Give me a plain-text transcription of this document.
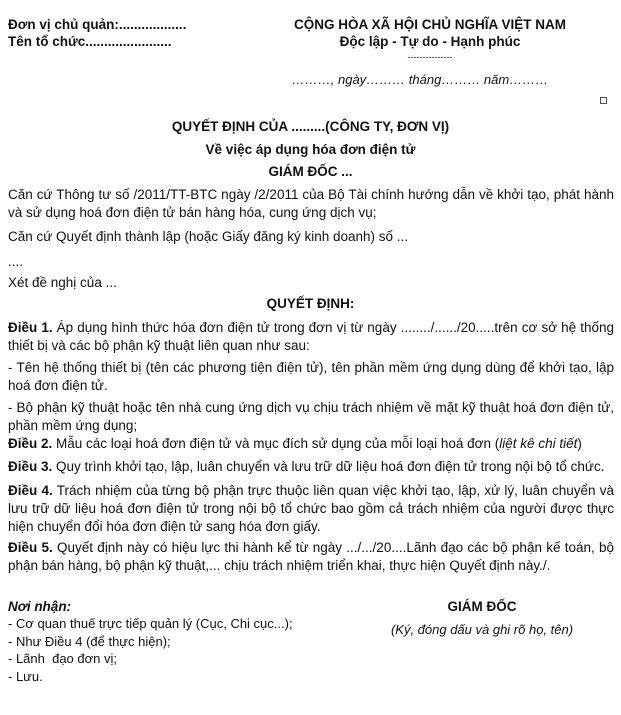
Đơn vị chủ quản:..................
Tên tổ chức.......................
CỘNG HÒA XÃ HỘI CHỦ NGHĨA VIỆT NAM
Độc lập - Tự do - Hạnh phúc
---------------
………, ngày……… tháng……… năm………
QUYẾT ĐỊNH CỦA .........(CÔNG TY, ĐƠN VỊ)
Về việc áp dụng hóa đơn điện tử
GIÁM ĐỐC ...
Căn cứ Thông tư số /2011/TT-BTC ngày /2/2011 của Bộ Tài chính hướng dẫn về khởi tạo, phát hành và sử dụng hoá đơn điện tử bán hàng hóa, cung ứng dịch vụ;
Căn cứ Quyết định thành lập (hoặc Giấy đăng ký kinh doanh) số ...
....
Xét đề nghị của ...
QUYẾT ĐỊNH:
Điều 1. Áp dụng hình thức hóa đơn điện tử trong đơn vị từ ngày ......../....../20.....trên cơ sở hệ thống thiết bị và các bộ phận kỹ thuật liên quan như sau:
- Tên hệ thống thiết bị (tên các phương tiện điện tử), tên phần mềm ứng dụng dùng để khởi tạo, lập hoá đơn điện tử.
- Bộ phận kỹ thuật hoặc tên nhà cung ứng dịch vụ chịu trách nhiệm về mặt kỹ thuật hoá đơn điện tử, phần mềm ứng dụng;
Điều 2. Mẫu các loại hoá đơn điện tử và mục đích sử dụng của mỗi loại hoá đơn (liệt kê chi tiết)
Điều 3. Quy trình khởi tạo, lập, luân chuyển và lưu trữ dữ liệu hoá đơn điện tử trong nội bộ tổ chức.
Điều 4. Trách nhiệm của từng bộ phận trực thuộc liên quan việc khởi tạo, lập, xử lý, luân chuyển và lưu trữ dữ liệu hoá đơn điện tử trong nội bộ tổ chức bao gồm cả trách nhiệm của người được thực hiện chuyển đổi hóa đơn điện tử sang hóa đơn giấy.
Điều 5. Quyết định này có hiệu lực thi hành kể từ ngày .../.../20....Lãnh đạo các bộ phận kế toán, bộ phận bán hàng, bộ phận kỹ thuật,... chịu trách nhiệm triển khai, thực hiện Quyết định này./.
Nơi nhận:
- Cơ quan thuế trực tiếp quản lý (Cục, Chi cục...);
- Như Điều 4 (để thực hiện);
- Lãnh  đạo đơn vị;
- Lưu.
GIÁM ĐỐC
(Ký, đóng dấu và ghi rõ họ, tên)
